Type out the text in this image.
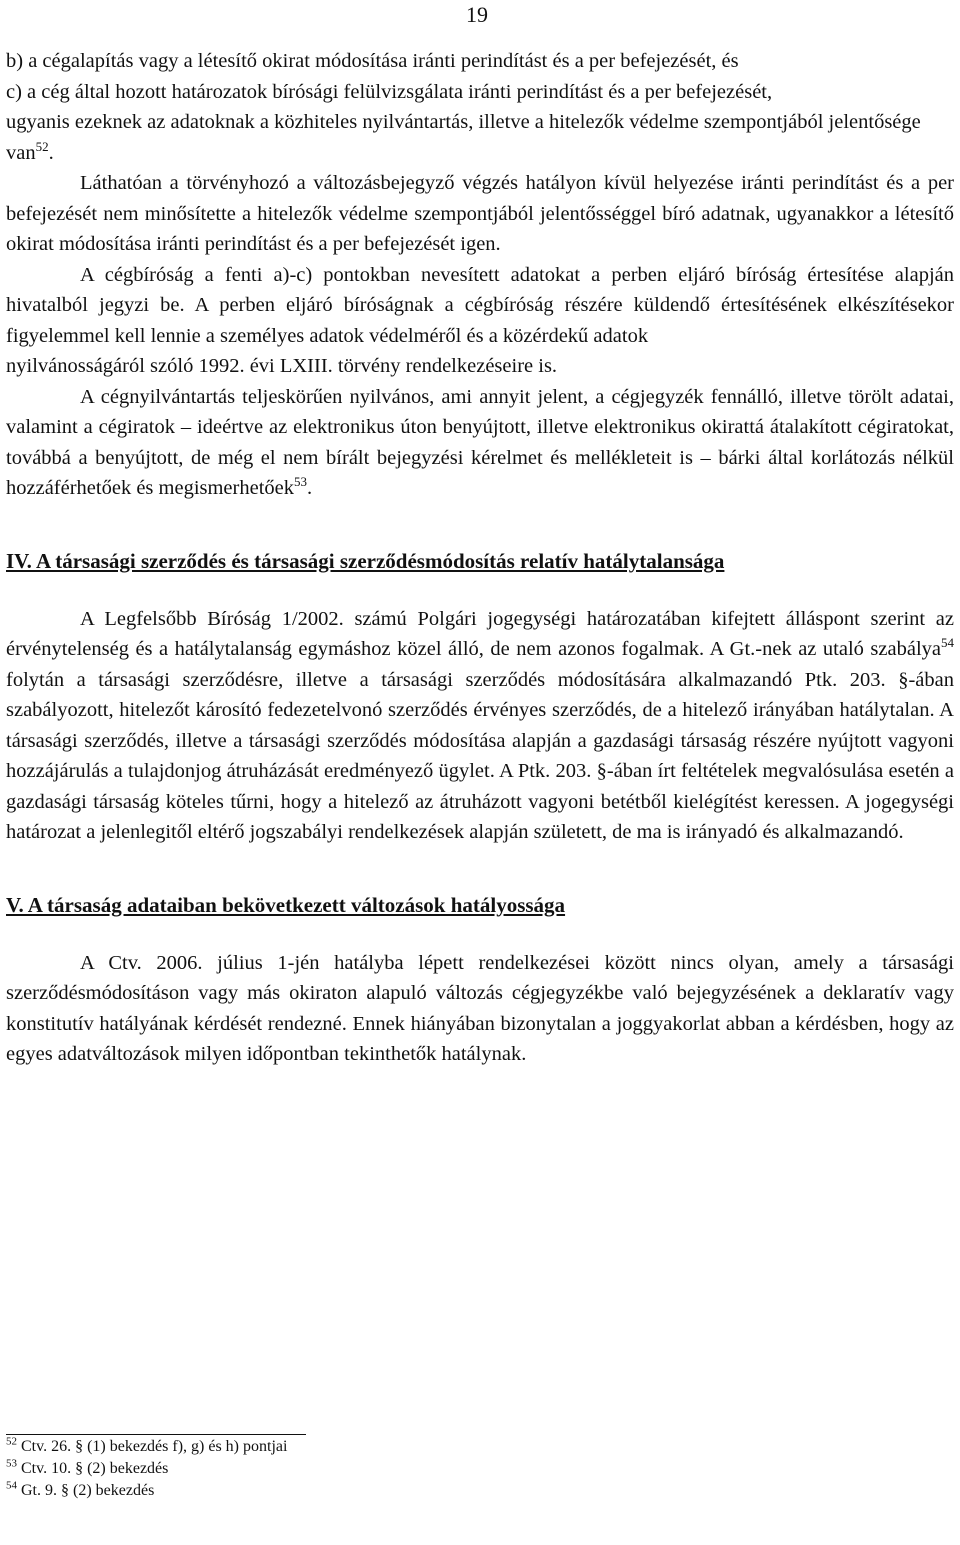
19

b) a cégalapítás vagy a létesítő okirat módosítása iránti perindítást és a per befejezését, és

c) a cég által hozott határozatok bírósági felülvizsgálata iránti perindítást és a per befejezését,

ugyanis ezeknek az adatoknak a közhiteles nyilvántartás, illetve a hitelezők védelme szempontjából jelentősége van$^{52}$.

Láthatóan a törvényhozó a változásbejegyző végzés hatályon kívül helyezése iránti perindítást és a per befejezését nem minősítette a hitelezők védelme szempontjából jelentősséggel bíró adatnak, ugyanakkor a létesítő okirat módosítása iránti perindítást és a per befejezését igen.

A cégbíróság a fenti a)-c) pontokban nevesített adatokat a perben eljáró bíróság értesítése alapján hivatalból jegyzi be. A perben eljáró bíróságnak a cégbíróság részére küldendő értesítésének elkészítésekor figyelemmel kell lennie a személyes adatok védelméről és a közérdekű adatok

nyilvánosságáról szóló 1992. évi LXIII. törvény rendelkezéseire is.

A cégnyilvántartás teljeskörűen nyilvános, ami annyit jelent, a cégjegyzék fennálló, illetve törölt adatai, valamint a cégiratok – ideértve az elektronikus úton benyújtott, illetve elektronikus okirattá átalakított cégiratokat, továbbá a benyújtott, de még el nem bírált bejegyzési kérelmet és mellékleteit is – bárki által korlátozás nélkül hozzáférhetőek és megismerhetőek$^{53}$.

IV. A társasági szerződés és társasági szerződésmódosítás relatív hatálytalansága

A Legfelsőbb Bíróság 1/2002. számú Polgári jogegységi határozatában kifejtett álláspont szerint az érvénytelenség és a hatálytalanság egymáshoz közel álló, de nem azonos fogalmak. A Gt.-nek az utaló szabálya$^{54}$ folytán a társasági szerződésre, illetve a társasági szerződés módosítására alkalmazandó Ptk. 203. §-ában szabályozott, hitelezőt károsító fedezetelvonó szerződés érvényes szerződés, de a hitelező irányában hatálytalan. A társasági szerződés, illetve a társasági szerződés módosítása alapján a gazdasági társaság részére nyújtott vagyoni hozzájárulás a tulajdonjog átruházását eredményező ügylet. A Ptk. 203. §-ában írt feltételek megvalósulása esetén a gazdasági társaság köteles tűrni, hogy a hitelező az átruházott vagyoni betétből kielégítést keressen. A jogegységi határozat a jelenlegitől eltérő jogszabályi rendelkezések alapján született, de ma is irányadó és alkalmazandó.

V. A társaság adataiban bekövetkezett változások hatályossága

A Ctv. 2006. július 1-jén hatályba lépett rendelkezései között nincs olyan, amely a társasági szerződésmódosításon vagy más okiraton alapuló változás cégjegyzékbe való bejegyzésének a deklaratív vagy konstitutív hatályának kérdését rendezné. Ennek hiányában bizonytalan a joggyakorlat abban a kérdésben, hogy az egyes adatváltozások milyen időpontban tekinthetők hatálynak.

$^{52}$ Ctv. 26. § (1) bekezdés f), g) és h) pontjai
$^{53}$ Ctv. 10. § (2) bekezdés
$^{54}$ Gt. 9. § (2) bekezdés
